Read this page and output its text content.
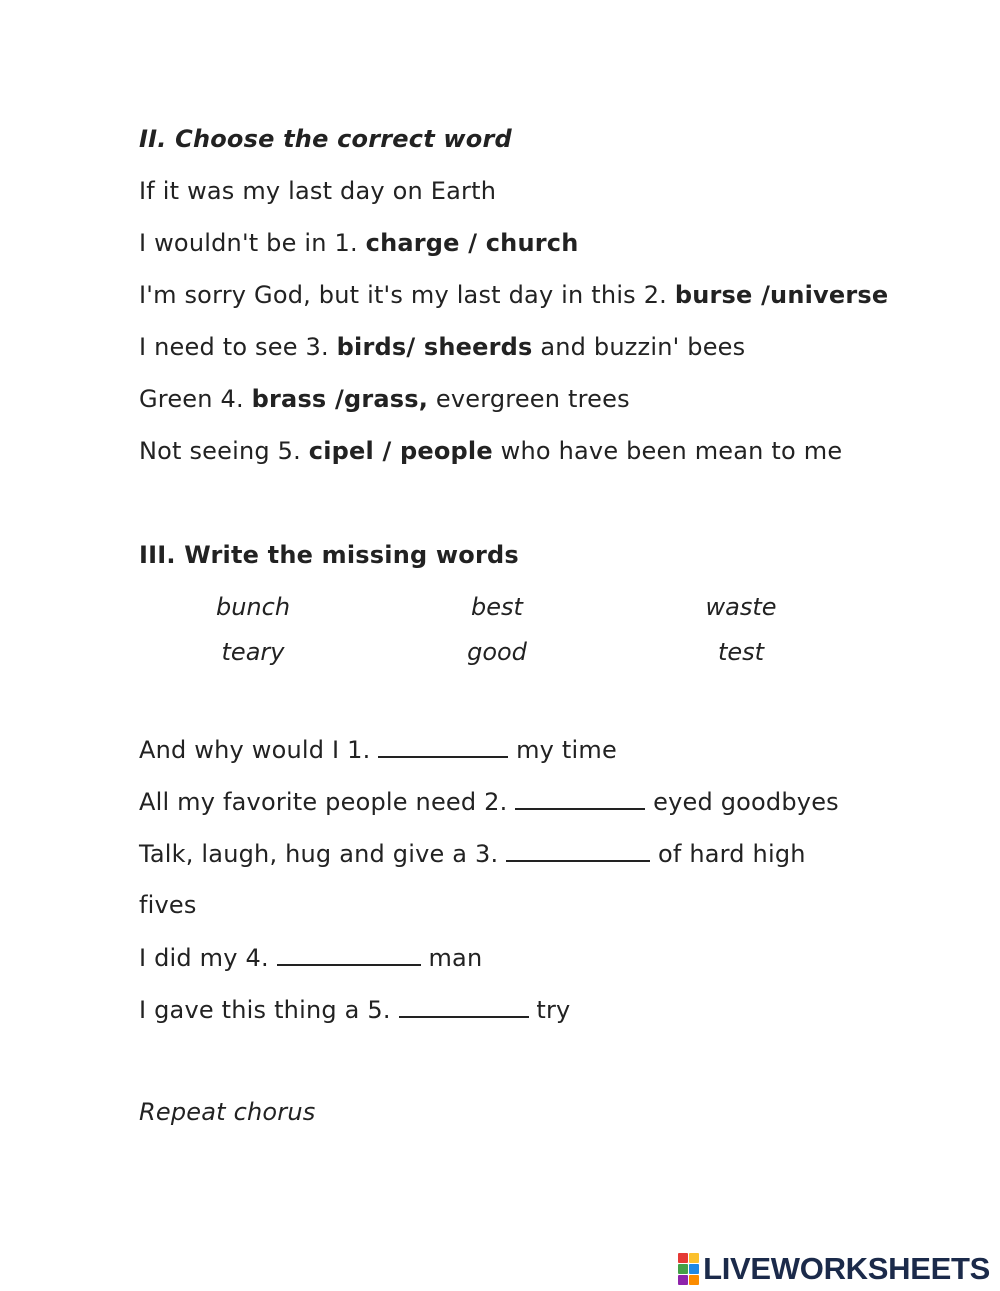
II. Choose the correct word
If it was my last day on Earth
I wouldn't be in 1. charge / church
I'm sorry God, but it's my last day in this 2. burse /universe
I need to see 3. birds/ sheerds and buzzin' bees
Green 4. brass /grass, evergreen trees
Not seeing 5. cipel / people who have been mean to me
III. Write the missing words
bunch	best	waste
teary	good	test
And why would I 1.	my time
All my favorite people need 2.	eyed goodbyes
Talk, laugh, hug and give a 3.	of hard high
fives
I did my 4.	man
I gave this thing a 5.	try
Repeat chorus
LIVEWORKSHEETS
